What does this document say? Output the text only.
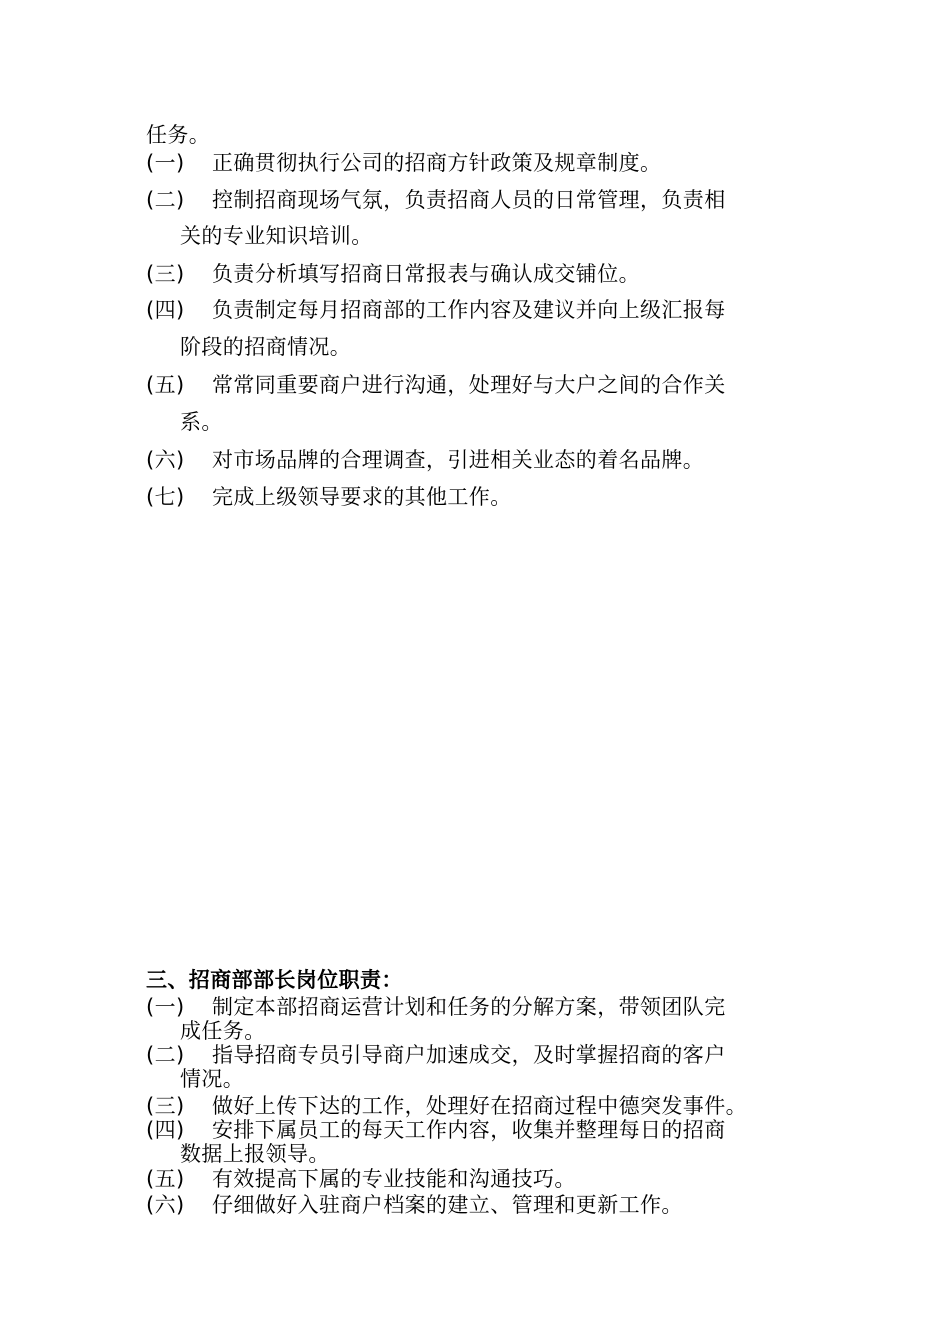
任务。
(一) 正确贯彻执行公司的招商方针政策及规章制度。
(二) 控制招商现场气氛，负责招商人员的日常管理，负责相
关的专业知识培训。
(三) 负责分析填写招商日常报表与确认成交铺位。
(四) 负责制定每月招商部的工作内容及建议并向上级汇报每
阶段的招商情况。
(五) 常常同重要商户进行沟通，处理好与大户之间的合作关
系。
(六) 对市场品牌的合理调查，引进相关业态的着名品牌。
(七) 完成上级领导要求的其他工作。
三、招商部部长岗位职责：
(一) 制定本部招商运营计划和任务的分解方案，带领团队完
成任务。
(二) 指导招商专员引导商户加速成交，及时掌握招商的客户
情况。
(三) 做好上传下达的工作，处理好在招商过程中德突发事件。
(四) 安排下属员工的每天工作内容，收集并整理每日的招商
数据上报领导。
(五) 有效提高下属的专业技能和沟通技巧。
(六) 仔细做好入驻商户档案的建立、管理和更新工作。
